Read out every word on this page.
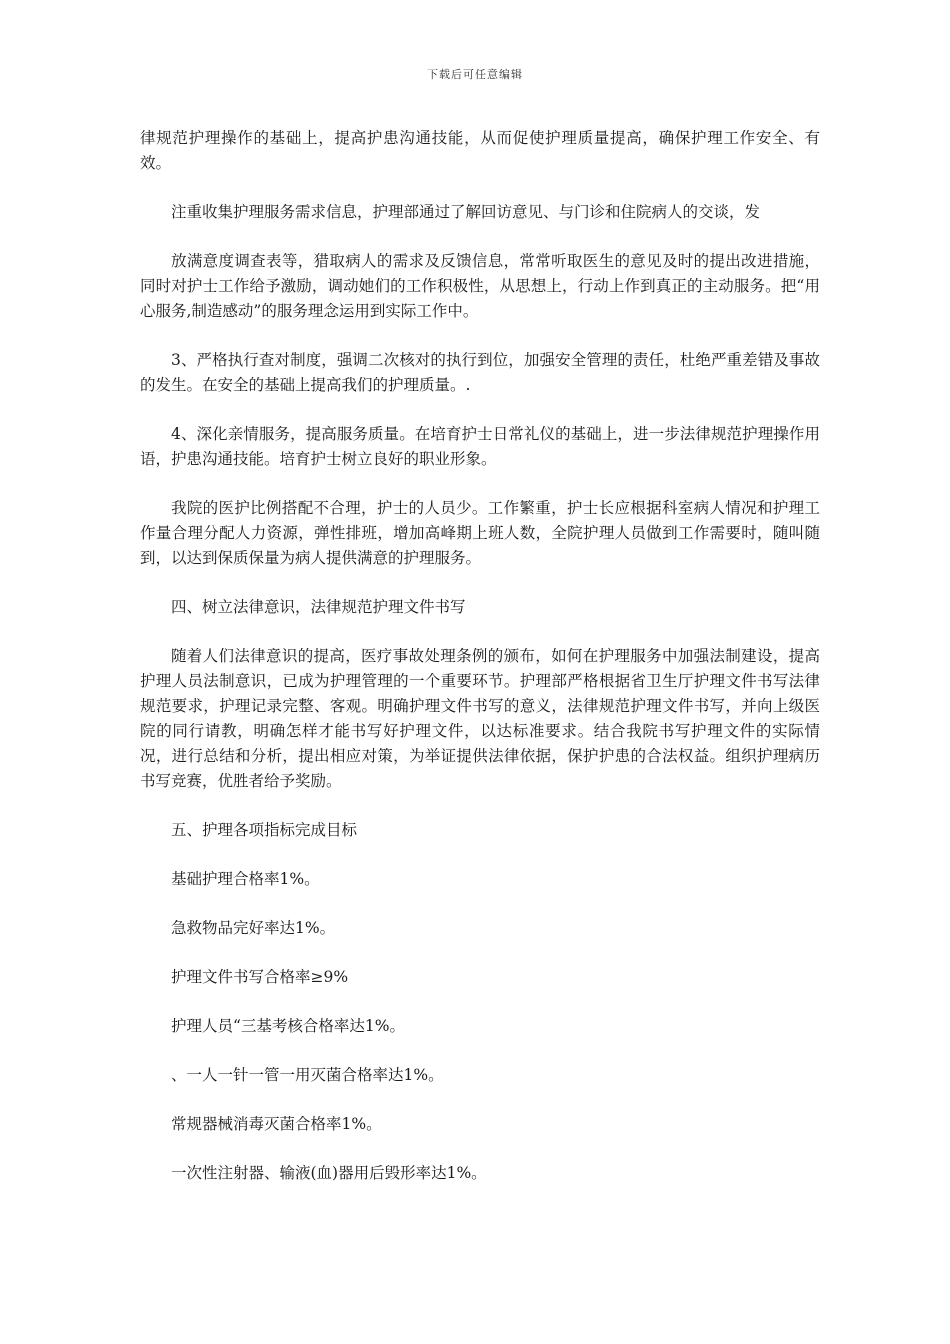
下载后可任意编辑

律规范护理操作的基础上，提高护患沟通技能，从而促使护理质量提高，确保护理工作安全、有效。

注重收集护理服务需求信息，护理部通过了解回访意见、与门诊和住院病人的交谈，发

放满意度调查表等，猎取病人的需求及反馈信息，常常听取医生的意见及时的提出改进措施，同时对护士工作给予激励，调动她们的工作积极性，从思想上，行动上作到真正的主动服务。把“用心服务,制造感动”的服务理念运用到实际工作中。

3、严格执行查对制度，强调二次核对的执行到位，加强安全管理的责任，杜绝严重差错及事故的发生。在安全的基础上提高我们的护理质量。.

4、深化亲情服务，提高服务质量。在培育护士日常礼仪的基础上，进一步法律规范护理操作用语，护患沟通技能。培育护士树立良好的职业形象。

我院的医护比例搭配不合理，护士的人员少。工作繁重，护士长应根据科室病人情况和护理工作量合理分配人力资源，弹性排班，增加高峰期上班人数，全院护理人员做到工作需要时，随叫随到，以达到保质保量为病人提供满意的护理服务。

四、树立法律意识，法律规范护理文件书写

随着人们法律意识的提高，医疗事故处理条例的颁布，如何在护理服务中加强法制建设，提高护理人员法制意识，已成为护理管理的一个重要环节。护理部严格根据省卫生厅护理文件书写法律规范要求，护理记录完整、客观。明确护理文件书写的意义，法律规范护理文件书写，并向上级医院的同行请教，明确怎样才能书写好护理文件，以达标准要求。结合我院书写护理文件的实际情况，进行总结和分析，提出相应对策，为举证提供法律依据，保护护患的合法权益。组织护理病历书写竞赛，优胜者给予奖励。

五、护理各项指标完成目标

基础护理合格率1%。

急救物品完好率达1%。

护理文件书写合格率≥9%

护理人员“三基考核合格率达1%。

、一人一针一管一用灭菌合格率达1%。

常规器械消毒灭菌合格率1%。

一次性注射器、输液(血)器用后毁形率达1%。
